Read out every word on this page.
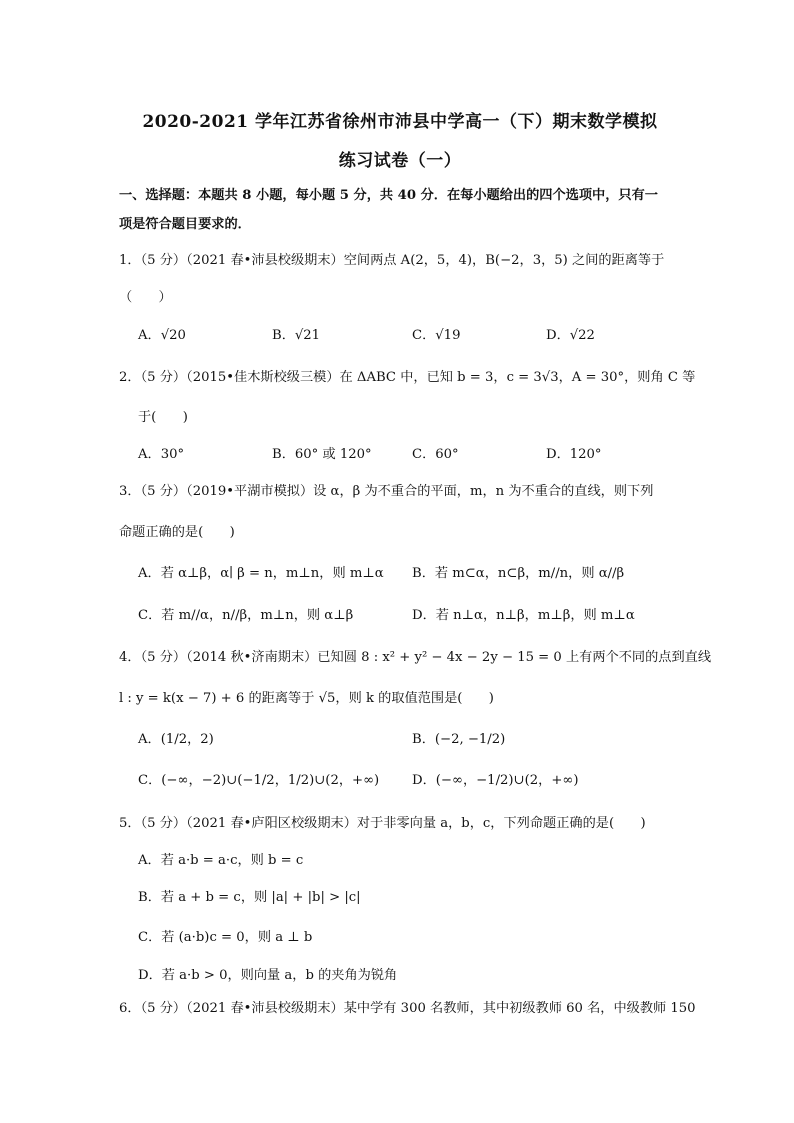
2020-2021 学年江苏省徐州市沛县中学高一（下）期末数学模拟
练习试卷（一）
一、选择题：本题共 8 小题，每小题 5 分，共 40 分．在每小题给出的四个选项中，只有一
项是符合题目要求的．
1．（5 分）（2021 春•沛县校级期末）空间两点 A(2，5，4)，B(−2，3，5) 之间的距离等于
（　　）
A．√20	B．√21	C．√19	D．√22
2．（5 分）（2015•佳木斯校级三模）在 ΔABC 中，已知 b = 3，c = 3√3，A = 30°，则角 C 等
于(　　)
A．30°	B．60° 或 120°	C．60°	D．120°
3．（5 分）（2019•平湖市模拟）设 α，β 为不重合的平面，m，n 为不重合的直线，则下列
命题正确的是(　　)
A．若 α⊥β，α∣ β = n，m⊥n，则 m⊥α B．若 m⊂α，n⊂β，m//n，则 α//β
C．若 m//α，n//β，m⊥n，则 α⊥β	D．若 n⊥α，n⊥β，m⊥β，则 m⊥α
4．（5 分）（2014 秋•济南期末）已知圆 8 : x² + y² − 4x − 2y − 15 = 0 上有两个不同的点到直线
l : y = k(x − 7) + 6 的距离等于 √5，则 k 的取值范围是(　　)
A．(1/2，2)	B．(−2, −1/2)
C．(−∞，−2)∪(−1/2，1/2)∪(2，+∞) D．(−∞，−1/2)∪(2，+∞)
5．（5 分）（2021 春•庐阳区校级期末）对于非零向量 a，b，c，下列命题正确的是(　　)
A．若 a·b = a·c，则 b = c
B．若 a + b = c，则 |a| + |b| > |c|
C．若 (a·b)c = 0，则 a ⊥ b
D．若 a·b > 0，则向量 a，b 的夹角为锐角
6．（5 分）（2021 春•沛县校级期末）某中学有 300 名教师，其中初级教师 60 名，中级教师 150
